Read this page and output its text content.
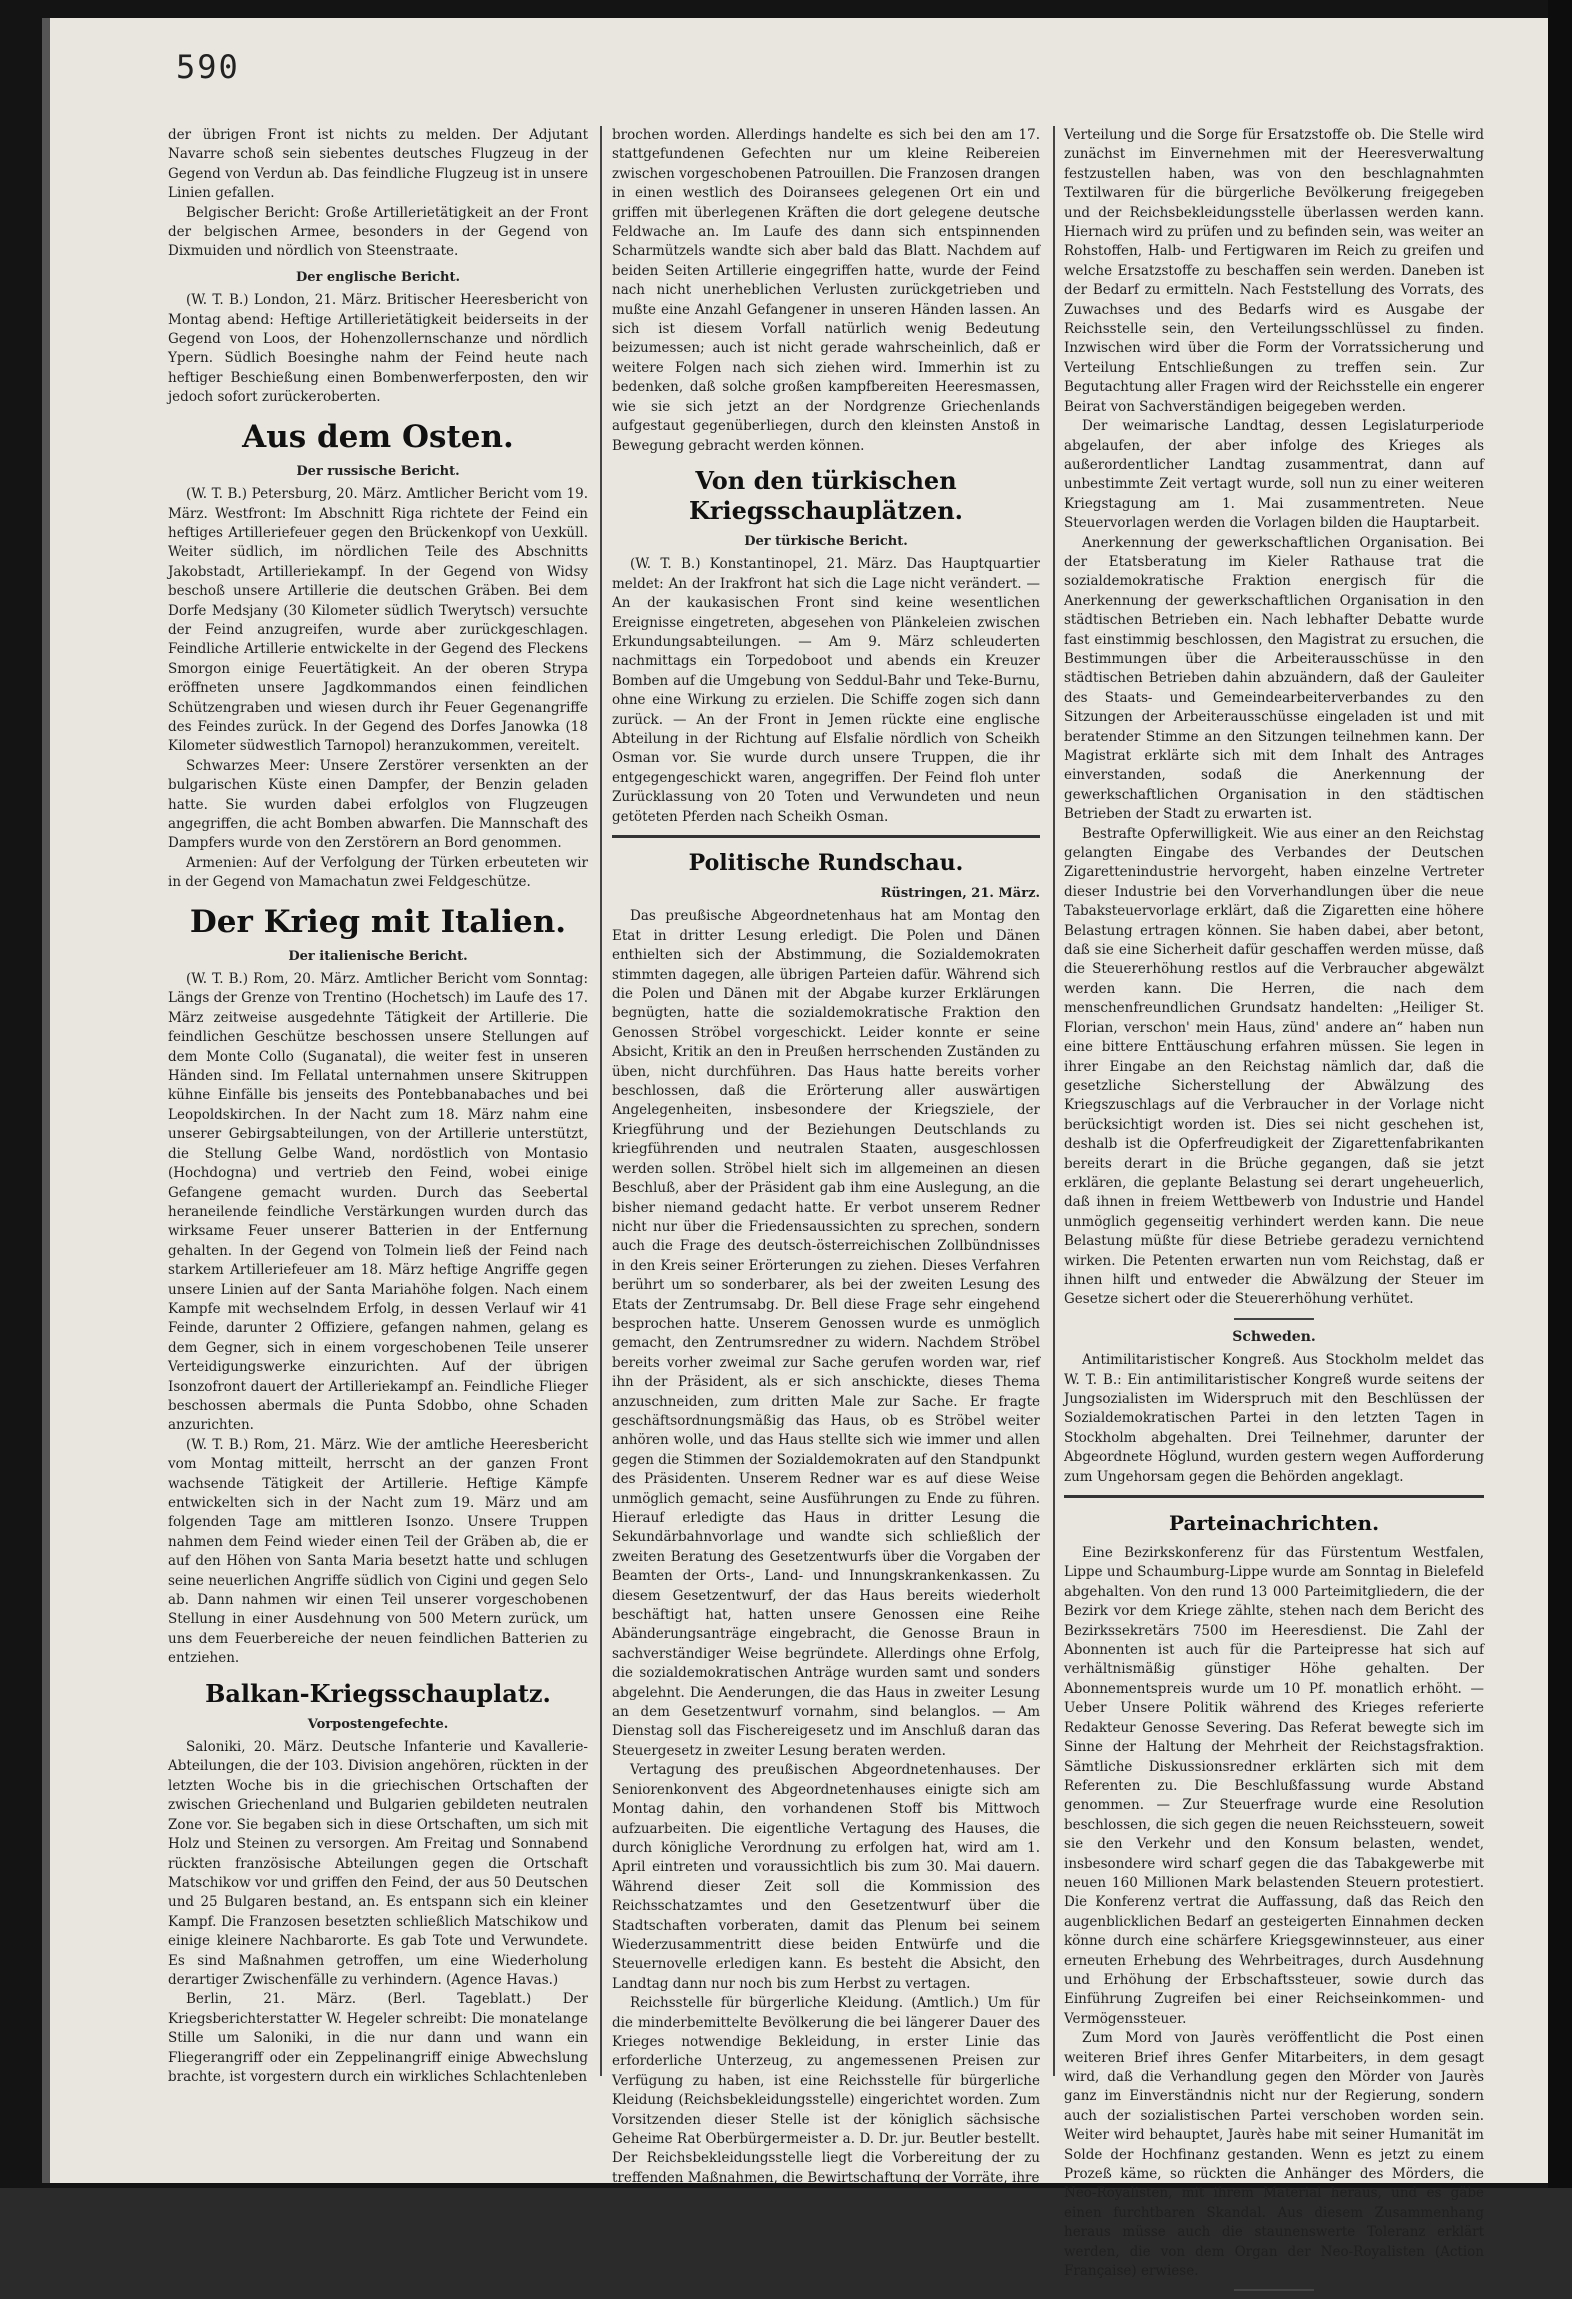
590

der übrigen Front ist nichts zu melden. Der Adjutant Navarre schoß sein siebentes deutsches Flugzeug in der Gegend von Verdun ab. Das feindliche Flugzeug ist in unsere Linien gefallen.

Belgischer Bericht: Große Artillerietätigkeit an der Front der belgischen Armee, besonders in der Gegend von Dixmuiden und nördlich von Steenstraate.

Der englische Bericht.

(W. T. B.) London, 21. März. Britischer Heeresbericht von Montag abend: Heftige Artillerietätigkeit beiderseits in der Gegend von Loos, der Hohenzollernschanze und nördlich Ypern. Südlich Boesinghe nahm der Feind heute nach heftiger Beschießung einen Bombenwerferposten, den wir jedoch sofort zurückeroberten.

Aus dem Osten.
Der russische Bericht.

(W. T. B.) Petersburg, 20. März. Amtlicher Bericht vom 19. März. Westfront: Im Abschnitt Riga richtete der Feind ein heftiges Artilleriefeuer gegen den Brückenkopf von Uexküll. Weiter südlich, im nördlichen Teile des Abschnitts Jakobstadt, Artilleriekampf. In der Gegend von Widsy beschoß unsere Artillerie die deutschen Gräben. Bei dem Dorfe Medsjany (30 Kilometer südlich Twerytsch) versuchte der Feind anzugreifen, wurde aber zurückgeschlagen. Feindliche Artillerie entwickelte in der Gegend des Fleckens Smorgon einige Feuertätigkeit. An der oberen Strypa eröffneten unsere Jagdkommandos einen feindlichen Schützengraben und wiesen durch ihr Feuer Gegenangriffe des Feindes zurück. In der Gegend des Dorfes Janowka (18 Kilometer südwestlich Tarnopol) heranzukommen, vereitelt.

Schwarzes Meer: Unsere Zerstörer versenkten an der bulgarischen Küste einen Dampfer, der Benzin geladen hatte. Sie wurden dabei erfolglos von Flugzeugen angegriffen, die acht Bomben abwarfen. Die Mannschaft des Dampfers wurde von den Zerstörern an Bord genommen.

Armenien: Auf der Verfolgung der Türken erbeuteten wir in der Gegend von Mamachatun zwei Feldgeschütze.

Der Krieg mit Italien.
Der italienische Bericht.

(W. T. B.) Rom, 20. März. Amtlicher Bericht vom Sonntag: Längs der Grenze von Trentino (Hochetsch) im Laufe des 17. März zeitweise ausgedehnte Tätigkeit der Artillerie. Die feindlichen Geschütze beschossen unsere Stellungen auf dem Monte Collo (Suganatal), die weiter fest in unseren Händen sind. Im Fellatal unternahmen unsere Skitruppen kühne Einfälle bis jenseits des Pontebbanabaches und bei Leopoldskirchen. In der Nacht zum 18. März nahm eine unserer Gebirgsabteilungen, von der Artillerie unterstützt, die Stellung Gelbe Wand, nordöstlich von Montasio (Hochdogna) und vertrieb den Feind, wobei einige Gefangene gemacht wurden. Durch das Seebertal heraneilende feindliche Verstärkungen wurden durch das wirksame Feuer unserer Batterien in der Entfernung gehalten. In der Gegend von Tolmein ließ der Feind nach starkem Artilleriefeuer am 18. März heftige Angriffe gegen unsere Linien auf der Santa Mariahöhe folgen. Nach einem Kampfe mit wechselndem Erfolg, in dessen Verlauf wir 41 Feinde, darunter 2 Offiziere, gefangen nahmen, gelang es dem Gegner, sich in einem vorgeschobenen Teile unserer Verteidigungswerke einzurichten. Auf der übrigen Isonzofront dauert der Artilleriekampf an. Feindliche Flieger beschossen abermals die Punta Sdobbo, ohne Schaden anzurichten.

(W. T. B.) Rom, 21. März. Wie der amtliche Heeresbericht vom Montag mitteilt, herrscht an der ganzen Front wachsende Tätigkeit der Artillerie. Heftige Kämpfe entwickelten sich in der Nacht zum 19. März und am folgenden Tage am mittleren Isonzo. Unsere Truppen nahmen dem Feind wieder einen Teil der Gräben ab, die er auf den Höhen von Santa Maria besetzt hatte und schlugen seine neuerlichen Angriffe südlich von Cigini und gegen Selo ab. Dann nahmen wir einen Teil unserer vorgeschobenen Stellung in einer Ausdehnung von 500 Metern zurück, um uns dem Feuerbereiche der neuen feindlichen Batterien zu entziehen.

Balkan-Kriegsschauplatz.
Vorpostengefechte.

Saloniki, 20. März. Deutsche Infanterie und Kavallerie-Abteilungen, die der 103. Division angehören, rückten in der letzten Woche bis in die griechischen Ortschaften der zwischen Griechenland und Bulgarien gebildeten neutralen Zone vor. Sie begaben sich in diese Ortschaften, um sich mit Holz und Steinen zu versorgen. Am Freitag und Sonnabend rückten französische Abteilungen gegen die Ortschaft Matschikow vor und griffen den Feind, der aus 50 Deutschen und 25 Bulgaren bestand, an. Es entspann sich ein kleiner Kampf. Die Franzosen besetzten schließlich Matschikow und einige kleinere Nachbarorte. Es gab Tote und Verwundete. Es sind Maßnahmen getroffen, um eine Wiederholung derartiger Zwischenfälle zu verhindern. (Agence Havas.)

Berlin, 21. März. (Berl. Tageblatt.) Der Kriegsberichterstatter W. Hegeler schreibt: Die monatelange Stille um Saloniki, in die nur dann und wann ein Fliegerangriff oder ein Zeppelinangriff einige Abwechslung brachte, ist vorgestern durch ein wirkliches Schlachtenleben

brochen worden. Allerdings handelte es sich bei den am 17. stattgefundenen Gefechten nur um kleine Reibereien zwischen vorgeschobenen Patrouillen. Die Franzosen drangen in einen westlich des Doiransees gelegenen Ort ein und griffen mit überlegenen Kräften die dort gelegene deutsche Feldwache an. Im Laufe des dann sich entspinnenden Scharmützels wandte sich aber bald das Blatt. Nachdem auf beiden Seiten Artillerie eingegriffen hatte, wurde der Feind nach nicht unerheblichen Verlusten zurückgetrieben und mußte eine Anzahl Gefangener in unseren Händen lassen. An sich ist diesem Vorfall natürlich wenig Bedeutung beizumessen; auch ist nicht gerade wahrscheinlich, daß er weitere Folgen nach sich ziehen wird. Immerhin ist zu bedenken, daß solche großen kampfbereiten Heeresmassen, wie sie sich jetzt an der Nordgrenze Griechenlands aufgestaut gegenüberliegen, durch den kleinsten Anstoß in Bewegung gebracht werden können.

Von den türkischen Kriegsschauplätzen.
Der türkische Bericht.

(W. T. B.) Konstantinopel, 21. März. Das Hauptquartier meldet: An der Irakfront hat sich die Lage nicht verändert. — An der kaukasischen Front sind keine wesentlichen Ereignisse eingetreten, abgesehen von Plänkeleien zwischen Erkundungsabteilungen. — Am 9. März schleuderten nachmittags ein Torpedoboot und abends ein Kreuzer Bomben auf die Umgebung von Seddul-Bahr und Teke-Burnu, ohne eine Wirkung zu erzielen. Die Schiffe zogen sich dann zurück. — An der Front in Jemen rückte eine englische Abteilung in der Richtung auf Elsfalie nördlich von Scheikh Osman vor. Sie wurde durch unsere Truppen, die ihr entgegengeschickt waren, angegriffen. Der Feind floh unter Zurücklassung von 20 Toten und Verwundeten und neun getöteten Pferden nach Scheikh Osman.

Politische Rundschau.
Rüstringen, 21. März.

Das preußische Abgeordnetenhaus hat am Montag den Etat in dritter Lesung erledigt. Die Polen und Dänen enthielten sich der Abstimmung, die Sozialdemokraten stimmten dagegen, alle übrigen Parteien dafür. Während sich die Polen und Dänen mit der Abgabe kurzer Erklärungen begnügten, hatte die sozialdemokratische Fraktion den Genossen Ströbel vorgeschickt. Leider konnte er seine Absicht, Kritik an den in Preußen herrschenden Zuständen zu üben, nicht durchführen. Das Haus hatte bereits vorher beschlossen, daß die Erörterung aller auswärtigen Angelegenheiten, insbesondere der Kriegsziele, der Kriegführung und der Beziehungen Deutschlands zu kriegführenden und neutralen Staaten, ausgeschlossen werden sollen. Ströbel hielt sich im allgemeinen an diesen Beschluß, aber der Präsident gab ihm eine Auslegung, an die bisher niemand gedacht hatte. Er verbot unserem Redner nicht nur über die Friedensaussichten zu sprechen, sondern auch die Frage des deutsch-österreichischen Zollbündnisses in den Kreis seiner Erörterungen zu ziehen. Dieses Verfahren berührt um so sonderbarer, als bei der zweiten Lesung des Etats der Zentrumsabg. Dr. Bell diese Frage sehr eingehend besprochen hatte. Unserem Genossen wurde es unmöglich gemacht, den Zentrumsredner zu widern. Nachdem Ströbel bereits vorher zweimal zur Sache gerufen worden war, rief ihn der Präsident, als er sich anschickte, dieses Thema anzuschneiden, zum dritten Male zur Sache. Er fragte geschäftsordnungsmäßig das Haus, ob es Ströbel weiter anhören wolle, und das Haus stellte sich wie immer und allen gegen die Stimmen der Sozialdemokraten auf den Standpunkt des Präsidenten. Unserem Redner war es auf diese Weise unmöglich gemacht, seine Ausführungen zu Ende zu führen. Hierauf erledigte das Haus in dritter Lesung die Sekundärbahnvorlage und wandte sich schließlich der zweiten Beratung des Gesetzentwurfs über die Vorgaben der Beamten der Orts-, Land- und Innungskrankenkassen. Zu diesem Gesetzentwurf, der das Haus bereits wiederholt beschäftigt hat, hatten unsere Genossen eine Reihe Abänderungsanträge eingebracht, die Genosse Braun in sachverständiger Weise begründete. Allerdings ohne Erfolg, die sozialdemokratischen Anträge wurden samt und sonders abgelehnt. Die Aenderungen, die das Haus in zweiter Lesung an dem Gesetzentwurf vornahm, sind belanglos. — Am Dienstag soll das Fischereigesetz und im Anschluß daran das Steuergesetz in zweiter Lesung beraten werden.

Vertagung des preußischen Abgeordnetenhauses. Der Seniorenkonvent des Abgeordnetenhauses einigte sich am Montag dahin, den vorhandenen Stoff bis Mittwoch aufzuarbeiten. Die eigentliche Vertagung des Hauses, die durch königliche Verordnung zu erfolgen hat, wird am 1. April eintreten und voraussichtlich bis zum 30. Mai dauern. Während dieser Zeit soll die Kommission des Reichsschatzamtes und den Gesetzentwurf über die Stadtschaften vorberaten, damit das Plenum bei seinem Wiederzusammentritt diese beiden Entwürfe und die Steuernovelle erledigen kann. Es besteht die Absicht, den Landtag dann nur noch bis zum Herbst zu vertagen.

Reichsstelle für bürgerliche Kleidung. (Amtlich.) Um für die minderbemittelte Bevölkerung die bei längerer Dauer des Krieges notwendige Bekleidung, in erster Linie das erforderliche Unterzeug, zu angemessenen Preisen zur Verfügung zu haben, ist eine Reichsstelle für bürgerliche Kleidung (Reichsbekleidungsstelle) eingerichtet worden. Zum Vorsitzenden dieser Stelle ist der königlich sächsische Geheime Rat Oberbürgermeister a. D. Dr. jur. Beutler bestellt. Der Reichsbekleidungsstelle liegt die Vorbereitung der zu treffenden Maßnahmen, die Bewirtschaftung der Vorräte, ihre

Verteilung und die Sorge für Ersatzstoffe ob. Die Stelle wird zunächst im Einvernehmen mit der Heeresverwaltung festzustellen haben, was von den beschlagnahmten Textilwaren für die bürgerliche Bevölkerung freigegeben und der Reichsbekleidungsstelle überlassen werden kann. Hiernach wird zu prüfen und zu befinden sein, was weiter an Rohstoffen, Halb- und Fertigwaren im Reich zu greifen und welche Ersatzstoffe zu beschaffen sein werden. Daneben ist der Bedarf zu ermitteln. Nach Feststellung des Vorrats, des Zuwachses und des Bedarfs wird es Ausgabe der Reichsstelle sein, den Verteilungsschlüssel zu finden. Inzwischen wird über die Form der Vorratssicherung und Verteilung Entschließungen zu treffen sein. Zur Begutachtung aller Fragen wird der Reichsstelle ein engerer Beirat von Sachverständigen beigegeben werden.

Der weimarische Landtag, dessen Legislaturperiode abgelaufen, der aber infolge des Krieges als außerordentlicher Landtag zusammentrat, dann auf unbestimmte Zeit vertagt wurde, soll nun zu einer weiteren Kriegstagung am 1. Mai zusammentreten. Neue Steuervorlagen werden die Vorlagen bilden die Hauptarbeit.

Anerkennung der gewerkschaftlichen Organisation. Bei der Etatsberatung im Kieler Rathause trat die sozialdemokratische Fraktion energisch für die Anerkennung der gewerkschaftlichen Organisation in den städtischen Betrieben ein. Nach lebhafter Debatte wurde fast einstimmig beschlossen, den Magistrat zu ersuchen, die Bestimmungen über die Arbeiterausschüsse in den städtischen Betrieben dahin abzuändern, daß der Gauleiter des Staats- und Gemeindearbeiterverbandes zu den Sitzungen der Arbeiterausschüsse eingeladen ist und mit beratender Stimme an den Sitzungen teilnehmen kann. Der Magistrat erklärte sich mit dem Inhalt des Antrages einverstanden, sodaß die Anerkennung der gewerkschaftlichen Organisation in den städtischen Betrieben der Stadt zu erwarten ist.

Bestrafte Opferwilligkeit. Wie aus einer an den Reichstag gelangten Eingabe des Verbandes der Deutschen Zigarettenindustrie hervorgeht, haben einzelne Vertreter dieser Industrie bei den Vorverhandlungen über die neue Tabaksteuervorlage erklärt, daß die Zigaretten eine höhere Belastung ertragen können. Sie haben dabei, aber betont, daß sie eine Sicherheit dafür geschaffen werden müsse, daß die Steuererhöhung restlos auf die Verbraucher abgewälzt werden kann. Die Herren, die nach dem menschenfreundlichen Grundsatz handelten: „Heiliger St. Florian, verschon' mein Haus, zünd' andere an“ haben nun eine bittere Enttäuschung erfahren müssen. Sie legen in ihrer Eingabe an den Reichstag nämlich dar, daß die gesetzliche Sicherstellung der Abwälzung des Kriegszuschlags auf die Verbraucher in der Vorlage nicht berücksichtigt worden ist. Dies sei nicht geschehen ist, deshalb ist die Opferfreudigkeit der Zigarettenfabrikanten bereits derart in die Brüche gegangen, daß sie jetzt erklären, die geplante Belastung sei derart ungeheuerlich, daß ihnen in freiem Wettbewerb von Industrie und Handel unmöglich gegenseitig verhindert werden kann. Die neue Belastung müßte für diese Betriebe geradezu vernichtend wirken. Die Petenten erwarten nun vom Reichstag, daß er ihnen hilft und entweder die Abwälzung der Steuer im Gesetze sichert oder die Steuererhöhung verhütet.

Schweden.

Antimilitaristischer Kongreß. Aus Stockholm meldet das W. T. B.: Ein antimilitaristischer Kongreß wurde seitens der Jungsozialisten im Widerspruch mit den Beschlüssen der Sozialdemokratischen Partei in den letzten Tagen in Stockholm abgehalten. Drei Teilnehmer, darunter der Abgeordnete Höglund, wurden gestern wegen Aufforderung zum Ungehorsam gegen die Behörden angeklagt.

Parteinachrichten.

Eine Bezirkskonferenz für das Fürstentum Westfalen, Lippe und Schaumburg-Lippe wurde am Sonntag in Bielefeld abgehalten. Von den rund 13 000 Parteimitgliedern, die der Bezirk vor dem Kriege zählte, stehen nach dem Bericht des Bezirkssekretärs 7500 im Heeresdienst. Die Zahl der Abonnenten ist auch für die Parteipresse hat sich auf verhältnismäßig günstiger Höhe gehalten. Der Abonnementspreis wurde um 10 Pf. monatlich erhöht. — Ueber Unsere Politik während des Krieges referierte Redakteur Genosse Severing. Das Referat bewegte sich im Sinne der Haltung der Mehrheit der Reichstagsfraktion. Sämtliche Diskussionsredner erklärten sich mit dem Referenten zu. Die Beschlußfassung wurde Abstand genommen. — Zur Steuerfrage wurde eine Resolution beschlossen, die sich gegen die neuen Reichssteuern, soweit sie den Verkehr und den Konsum belasten, wendet, insbesondere wird scharf gegen die das Tabakgewerbe mit neuen 160 Millionen Mark belastenden Steuern protestiert. Die Konferenz vertrat die Auffassung, daß das Reich den augenblicklichen Bedarf an gesteigerten Einnahmen decken könne durch eine schärfere Kriegsgewinnsteuer, aus einer erneuten Erhebung des Wehrbeitrages, durch Ausdehnung und Erhöhung der Erbschaftssteuer, sowie durch das Einführung Zugreifen bei einer Reichseinkommen- und Vermögenssteuer.

Zum Mord von Jaurès veröffentlicht die Post einen weiteren Brief ihres Genfer Mitarbeiters, in dem gesagt wird, daß die Verhandlung gegen den Mörder von Jaurès ganz im Einverständnis nicht nur der Regierung, sondern auch der sozialistischen Partei verschoben worden sein. Weiter wird behauptet, Jaurès habe mit seiner Humanität im Solde der Hochfinanz gestanden. Wenn es jetzt zu einem Prozeß käme, so rückten die Anhänger des Mörders, die Neo-Royalisten, mit ihrem Material heraus, und es gäbe einen furchtbaren Skandal. Aus diesem Zusammenhang heraus müsse auch die staunenswerte Toleranz erklärt werden, die von dem Organ der Neo-Royalisten (Action Française) erwiese.
